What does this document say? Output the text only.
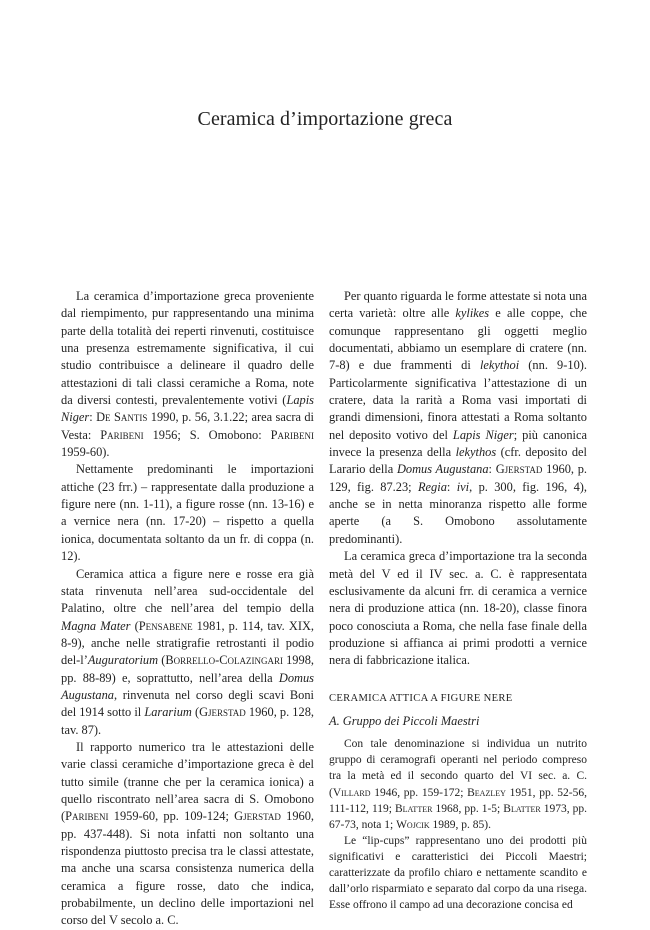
Ceramica d’importazione greca

La ceramica d’importazione greca proveniente dal riempimento, pur rappresentando una minima parte della totalità dei reperti rinvenuti, costituisce una presenza estremamente significativa, il cui studio contribuisce a delineare il quadro delle attestazioni di tali classi ceramiche a Roma, note da diversi contesti, prevalentemente votivi (Lapis Niger: De Santis 1990, p. 56, 3.1.22; area sacra di Vesta: Paribeni 1956; S. Omobono: Paribeni 1959-60).

Nettamente predominanti le importazioni attiche (23 frr.) – rappresentate dalla produzione a figure nere (nn. 1-11), a figure rosse (nn. 13-16) e a vernice nera (nn. 17-20) – rispetto a quella ionica, documentata soltanto da un fr. di coppa (n. 12).

Ceramica attica a figure nere e rosse era già stata rinvenuta nell’area sud-occidentale del Palatino, oltre che nell’area del tempio della Magna Mater (Pensabene 1981, p. 114, tav. XIX, 8-9), anche nelle stratigrafie retrostanti il podio del-l’Auguratorium (Borrello-Colazingari 1998, pp. 88-89) e, soprattutto, nell’area della Domus Augustana, rinvenuta nel corso degli scavi Boni del 1914 sotto il Lararium (Gjerstad 1960, p. 128, tav. 87).

Il rapporto numerico tra le attestazioni delle varie classi ceramiche d’importazione greca è del tutto simile (tranne che per la ceramica ionica) a quello riscontrato nell’area sacra di S. Omobono (Paribeni 1959-60, pp. 109-124; Gjerstad 1960, pp. 437-448). Si nota infatti non soltanto una rispondenza piuttosto precisa tra le classi attestate, ma anche una scarsa consistenza numerica della ceramica a figure rosse, dato che indica, probabilmente, un declino delle importazioni nel corso del V secolo a. C.

Per quanto riguarda le forme attestate si nota una certa varietà: oltre alle kylikes e alle coppe, che comunque rappresentano gli oggetti meglio documentati, abbiamo un esemplare di cratere (nn. 7-8) e due frammenti di lekythoi (nn. 9-10). Particolarmente significativa l’attestazione di un cratere, data la rarità a Roma vasi importati di grandi dimensioni, finora attestati a Roma soltanto nel deposito votivo del Lapis Niger; più canonica invece la presenza della lekythos (cfr. deposito del Larario della Domus Augustana: Gjerstad 1960, p. 129, fig. 87.23; Regia: ivi, p. 300, fig. 196, 4), anche se in netta minoranza rispetto alle forme aperte (a S. Omobono assolutamente predominanti).

La ceramica greca d’importazione tra la seconda metà del V ed il IV sec. a. C. è rappresentata esclusivamente da alcuni frr. di ceramica a vernice nera di produzione attica (nn. 18-20), classe finora poco conosciuta a Roma, che nella fase finale della produzione si affianca ai primi prodotti a vernice nera di fabbricazione italica.

CERAMICA ATTICA A FIGURE NERE
A. Gruppo dei Piccoli Maestri

Con tale denominazione si individua un nutrito gruppo di ceramografi operanti nel periodo compreso tra la metà ed il secondo quarto del VI sec. a. C. (Villard 1946, pp. 159-172; Beazley 1951, pp. 52-56, 111-112, 119; Blatter 1968, pp. 1-5; Blatter 1973, pp. 67-73, nota 1; Wojcik 1989, p. 85).

Le “lip-cups” rappresentano uno dei prodotti più significativi e caratteristici dei Piccoli Maestri; caratterizzate da profilo chiaro e nettamente scandito e dall’orlo risparmiato e separato dal corpo da una risega. Esse offrono il campo ad una decorazione concisa ed
